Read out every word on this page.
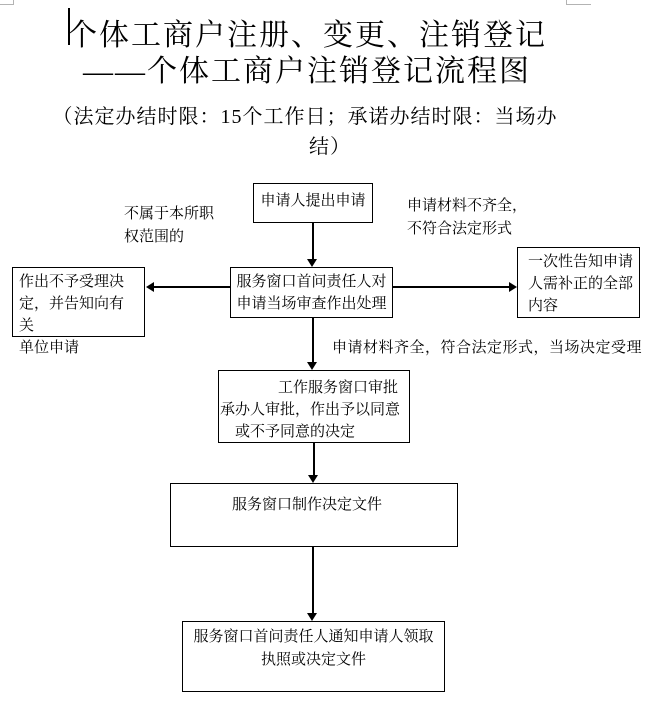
个体工商户注册、变更、注销登记
——个体工商户注销登记流程图
（法定办结时限：15个工作日；承诺办结时限：当场办
结）
申请人提出申请
服务窗口首问责任人对
申请当场审查作出处理
作出不予受理决
定，并告知向有关
单位申请
一次性告知申请
人需补正的全部
内容
工作服务窗口审批
承办人审批，作出予以同意
或不予同意的决定
服务窗口制作决定文件
服务窗口首问责任人通知申请人领取
执照或决定文件
不属于本所职
权范围的
申请材料不齐全，
不符合法定形式
申请材料齐全，符合法定形式，当场决定受理
